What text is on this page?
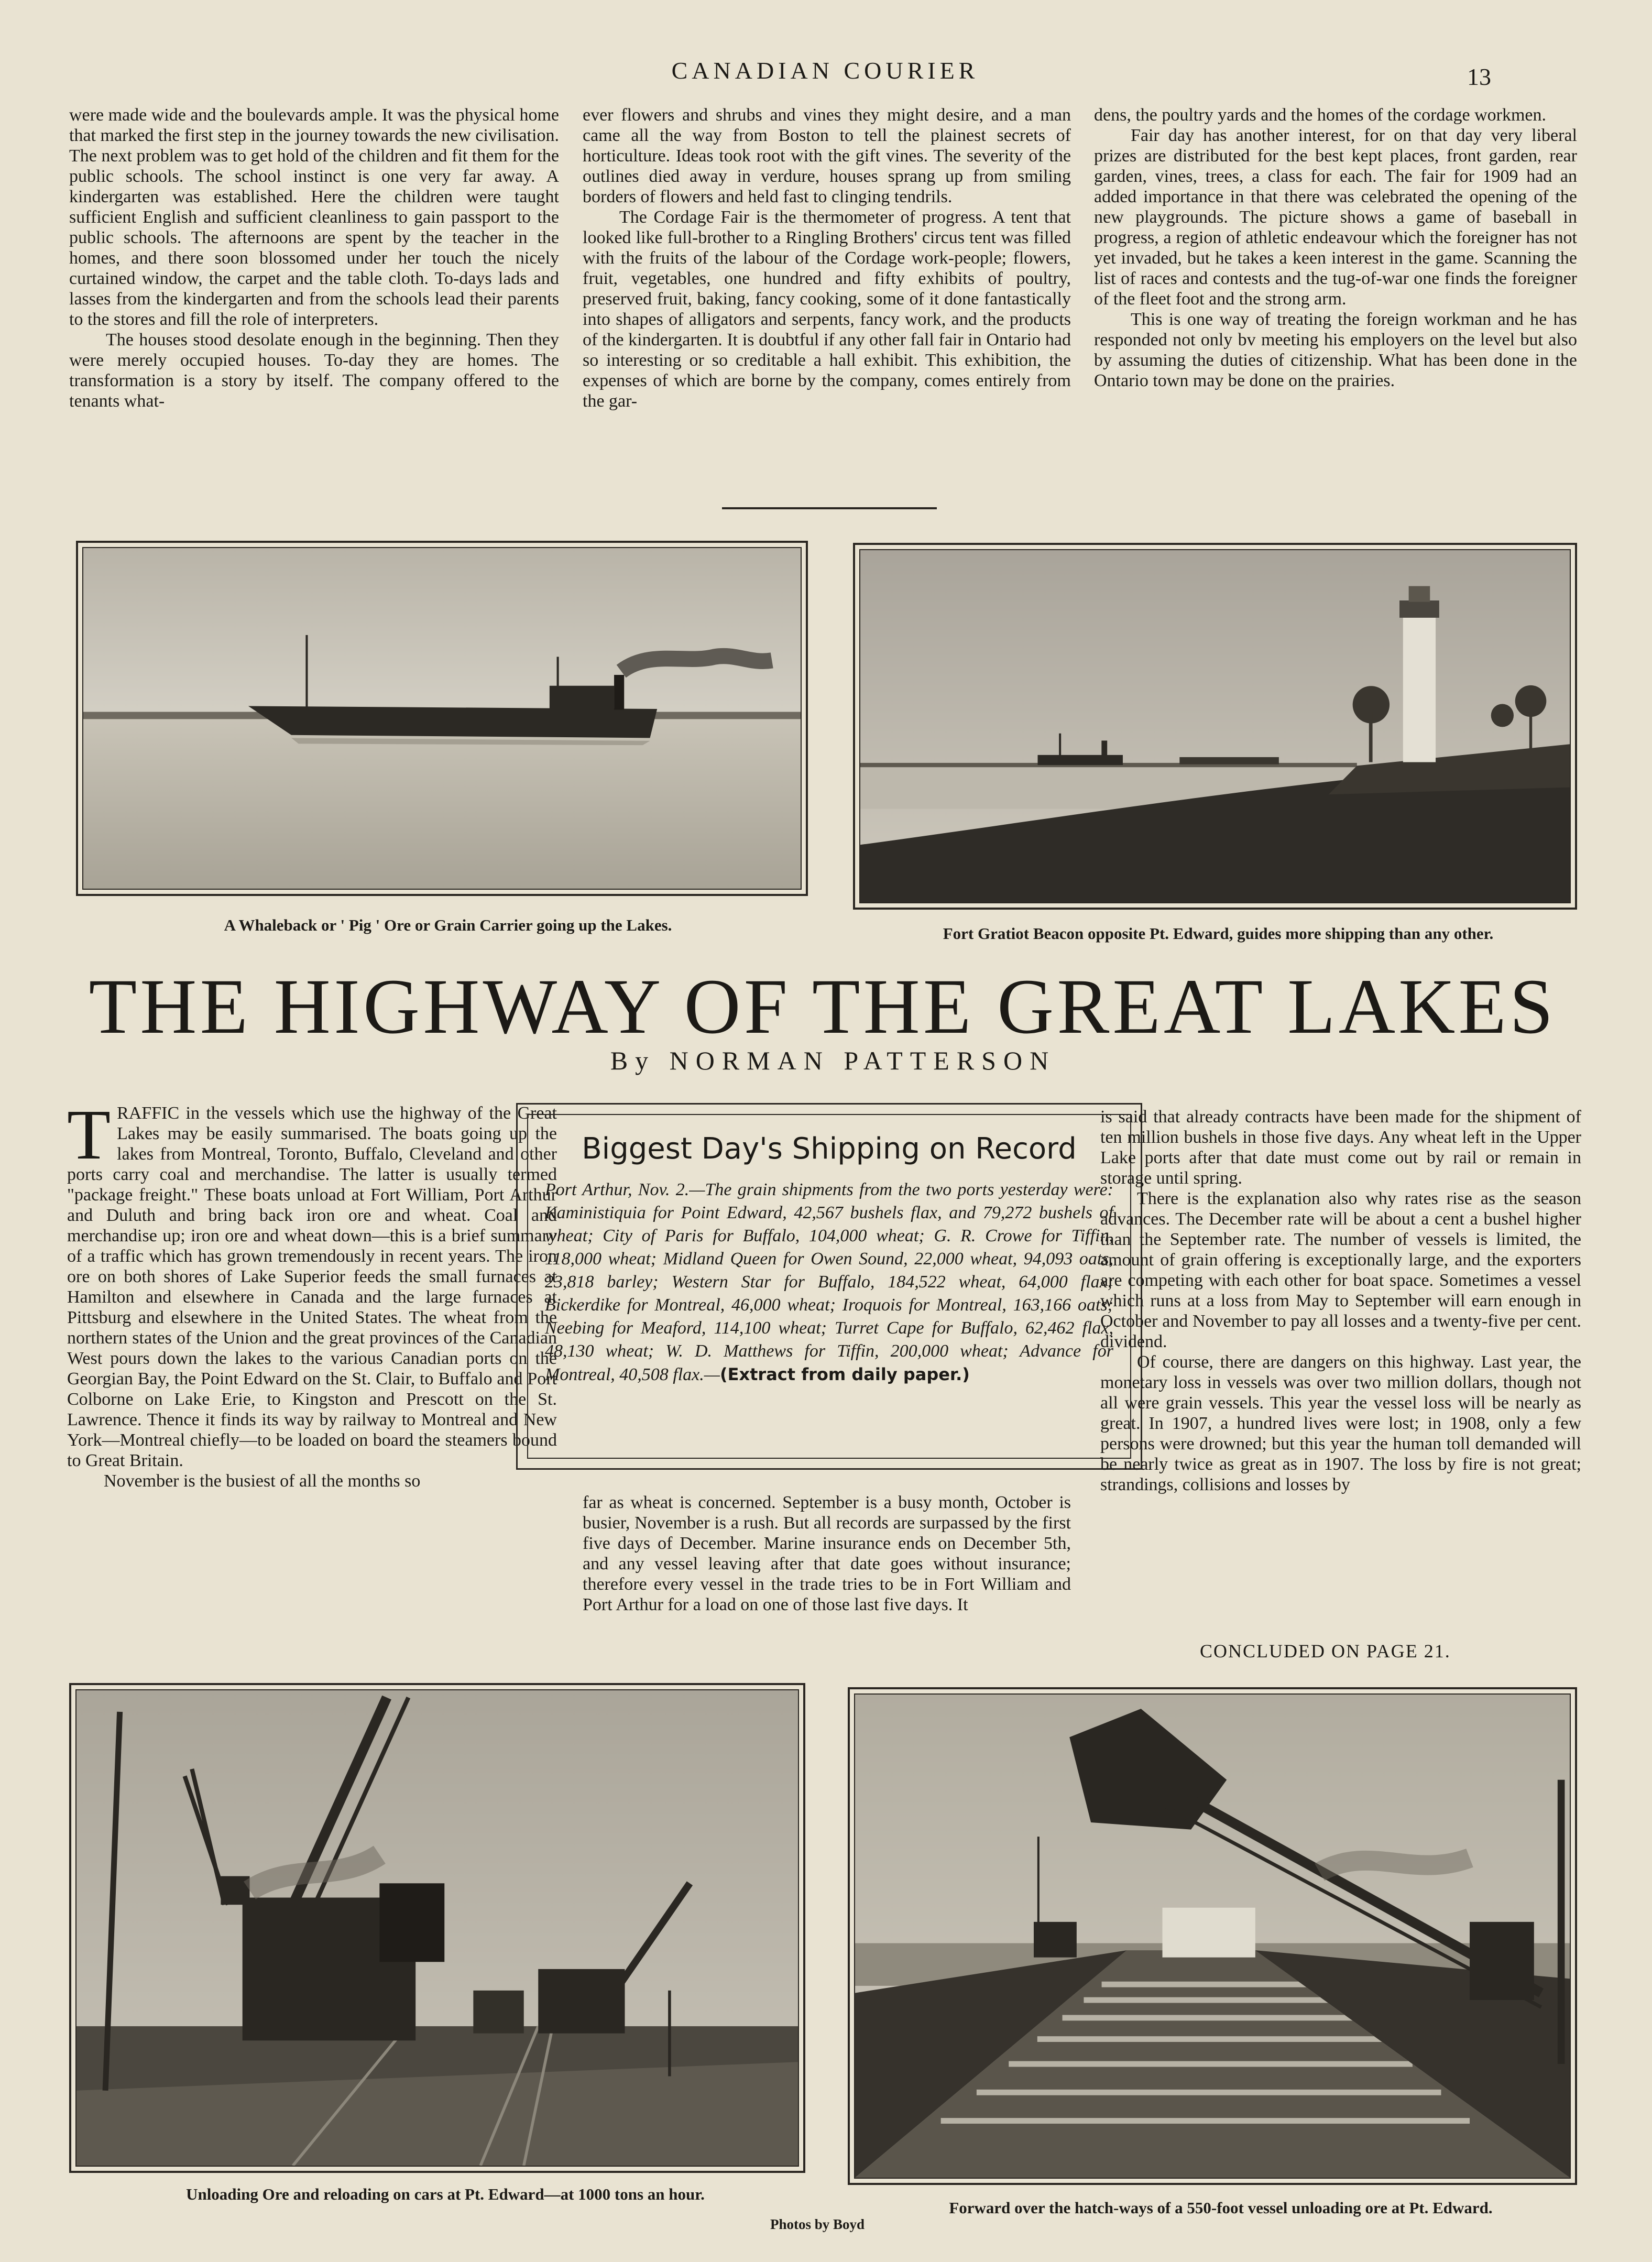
CANADIAN COURIER	13

were made wide and the boulevards ample. It was the physical home that marked the first step in the journey towards the new civilisation. The next problem was to get hold of the children and fit them for the public schools. The school instinct is one very far away. A kindergarten was established. Here the children were taught sufficient English and sufficient cleanliness to gain passport to the public schools. The afternoons are spent by the teacher in the homes, and there soon blossomed under her touch the nicely curtained window, the carpet and the table cloth. To-days lads and lasses from the kindergarten and from the schools lead their parents to the stores and fill the role of interpreters.

The houses stood desolate enough in the beginning. Then they were merely occupied houses. To-day they are homes. The transformation is a story by itself. The company offered to the tenants what-

ever flowers and shrubs and vines they might desire, and a man came all the way from Boston to tell the plainest secrets of horticulture. Ideas took root with the gift vines. The severity of the outlines died away in verdure, houses sprang up from smiling borders of flowers and held fast to clinging tendrils.

The Cordage Fair is the thermometer of progress. A tent that looked like full-brother to a Ringling Brothers' circus tent was filled with the fruits of the labour of the Cordage work-people; flowers, fruit, vegetables, one hundred and fifty exhibits of poultry, preserved fruit, baking, fancy cooking, some of it done fantastically into shapes of alligators and serpents, fancy work, and the products of the kindergarten. It is doubtful if any other fall fair in Ontario had so interesting or so creditable a hall exhibit. This exhibition, the expenses of which are borne by the company, comes entirely from the gar-

dens, the poultry yards and the homes of the cordage workmen.

Fair day has another interest, for on that day very liberal prizes are distributed for the best kept places, front garden, rear garden, vines, trees, a class for each. The fair for 1909 had an added importance in that there was celebrated the opening of the new playgrounds. The picture shows a game of baseball in progress, a region of athletic endeavour which the foreigner has not yet invaded, but he takes a keen interest in the game. Scanning the list of races and contests and the tug-of-war one finds the foreigner of the fleet foot and the strong arm.

This is one way of treating the foreign workman and he has responded not only bv meeting his employers on the level but also by assuming the duties of citizenship. What has been done in the Ontario town may be done on the prairies.

A Whaleback or ' Pig ' Ore or Grain Carrier going up the Lakes.	Fort Gratiot Beacon opposite Pt. Edward, guides more shipping than any other.
THE HIGHWAY OF THE GREAT LAKES
By NORMAN PATTERSON

TRAFFIC in the vessels which use the highway of the Great Lakes may be easily summarised. The boats going up the lakes from Montreal, Toronto, Buffalo, Cleveland and other ports carry coal and merchandise. The latter is usually termed "package freight." These boats unload at Fort William, Port Arthur and Duluth and bring back iron ore and wheat. Coal and merchandise up; iron ore and wheat down—this is a brief summary of a traffic which has grown tremendously in recent years. The iron ore on both shores of Lake Superior feeds the small furnaces at Hamilton and elsewhere in Canada and the large furnaces at Pittsburg and elsewhere in the United States. The wheat from the northern states of the Union and the great provinces of the Canadian West pours down the lakes to the various Canadian ports on the Georgian Bay, the Point Edward on the St. Clair, to Buffalo and Port Colborne on Lake Erie, to Kingston and Prescott on the St. Lawrence. Thence it finds its way by railway to Montreal and New York—Montreal chiefly—to be loaded on board the steamers bound to Great Britain.

November is the busiest of all the months so

Biggest Day's Shipping on Record

Port Arthur, Nov. 2.—The grain shipments from the two ports yesterday were: Kaministiquia for Point Edward, 42,567 bushels flax, and 79,272 bushels of wheat; City of Paris for Buffalo, 104,000 wheat; G. R. Crowe for Tiffin, 118,000 wheat; Midland Queen for Owen Sound, 22,000 wheat, 94,093 oats, 23,818 barley; Western Star for Buffalo, 184,522 wheat, 64,000 flax; Bickerdike for Montreal, 46,000 wheat; Iroquois for Montreal, 163,166 oats; Neebing for Meaford, 114,100 wheat; Turret Cape for Buffalo, 62,462 flax, 48,130 wheat; W. D. Matthews for Tiffin, 200,000 wheat; Advance for Montreal, 40,508 flax.—(Extract from daily paper.)

far as wheat is concerned. September is a busy month, October is busier, November is a rush. But all records are surpassed by the first five days of December. Marine insurance ends on December 5th, and any vessel leaving after that date goes without insurance; therefore every vessel in the trade tries to be in Fort William and Port Arthur for a load on one of those last five days. It

is said that already contracts have been made for the shipment of ten million bushels in those five days. Any wheat left in the Upper Lake ports after that date must come out by rail or remain in storage until spring.

There is the explanation also why rates rise as the season advances. The December rate will be about a cent a bushel higher than the September rate. The number of vessels is limited, the amount of grain offering is exceptionally large, and the exporters are competing with each other for boat space. Sometimes a vessel which runs at a loss from May to September will earn enough in October and November to pay all losses and a twenty-five per cent. dividend.

Of course, there are dangers on this highway. Last year, the monetary loss in vessels was over two million dollars, though not all were grain vessels. This year the vessel loss will be nearly as great. In 1907, a hundred lives were lost; in 1908, only a few persons were drowned; but this year the human toll demanded will be nearly twice as great as in 1907. The loss by fire is not great; strandings, collisions and losses by

CONCLUDED ON PAGE 21.
Unloading Ore and reloading on cars at Pt. Edward—at 1000 tons an hour.
Forward over the hatch-ways of a 550-foot vessel unloading ore at Pt. Edward.
Photos by Boyd
